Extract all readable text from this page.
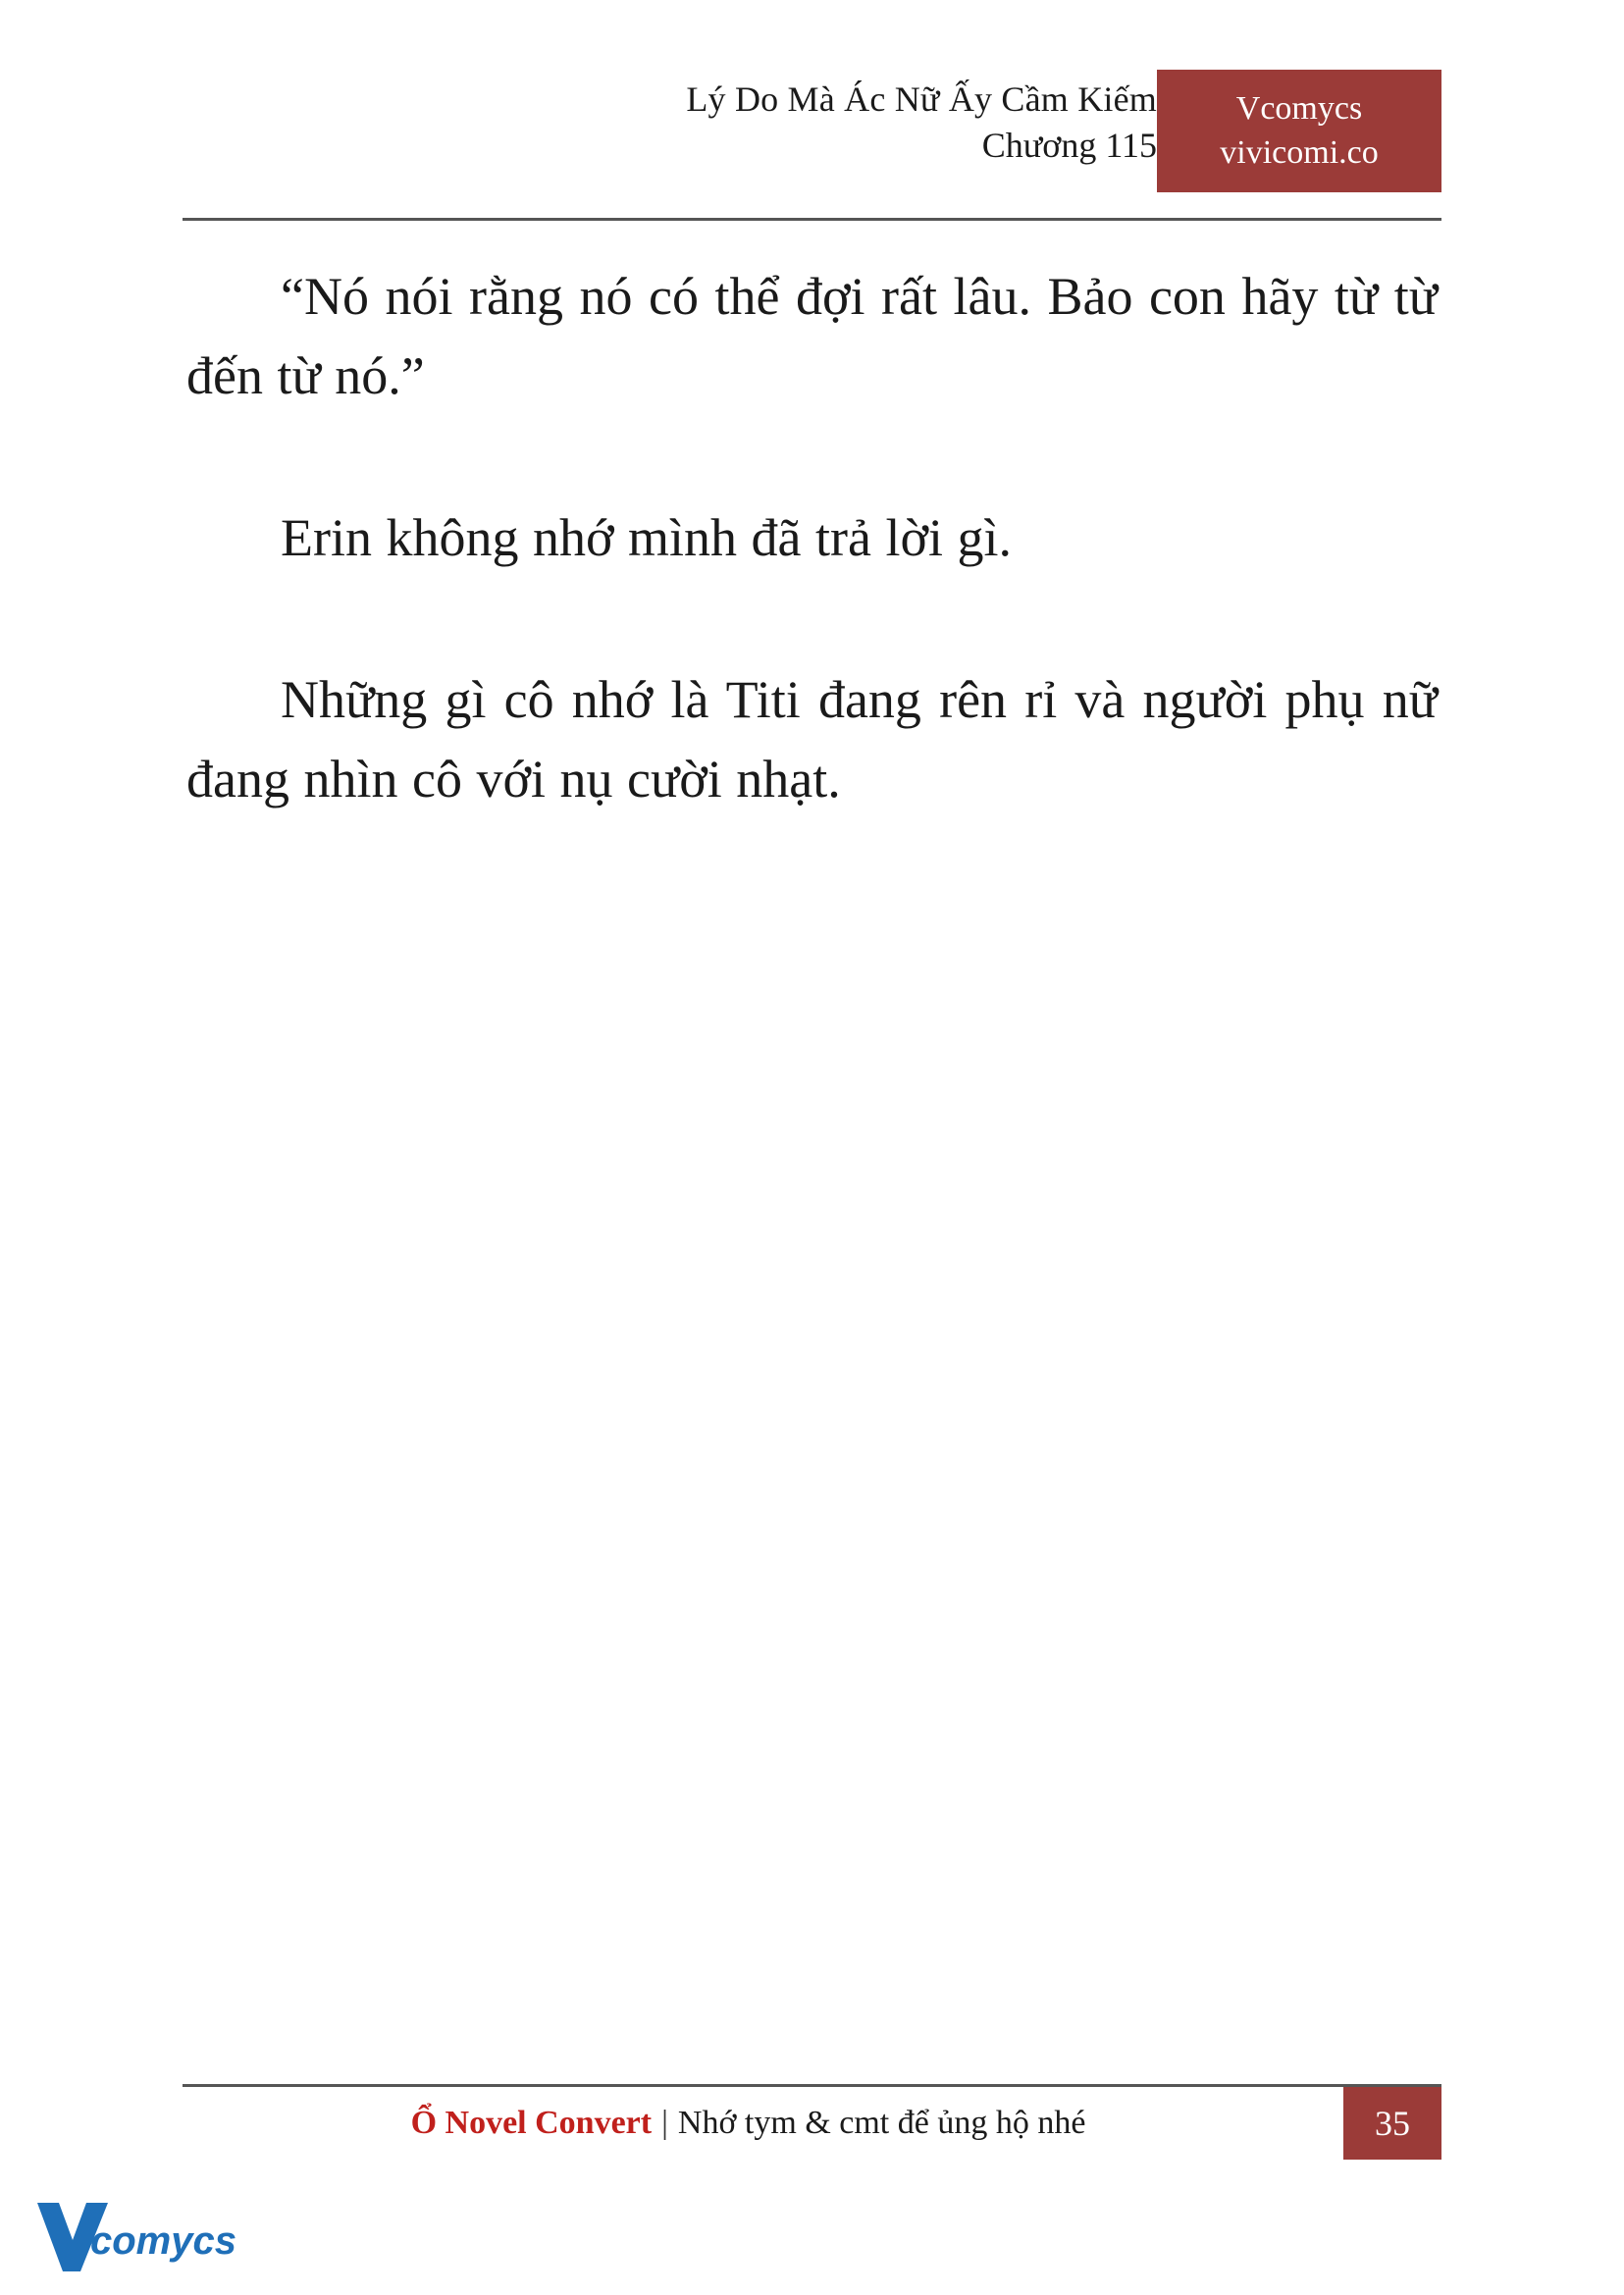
Lý Do Mà Ác Nữ Ấy Cầm Kiếm
Chương 115
Vcomycs
vivicomi.co

“Nó nói rằng nó có thể đợi rất lâu. Bảo con hãy từ từ đến từ nó.”

Erin không nhớ mình đã trả lời gì.

Những gì cô nhớ là Titi đang rên rỉ và người phụ nữ đang nhìn cô với nụ cười nhạt.

Ổ Novel Convert | Nhớ tym & cmt để ủng hộ nhé	35
comycs
